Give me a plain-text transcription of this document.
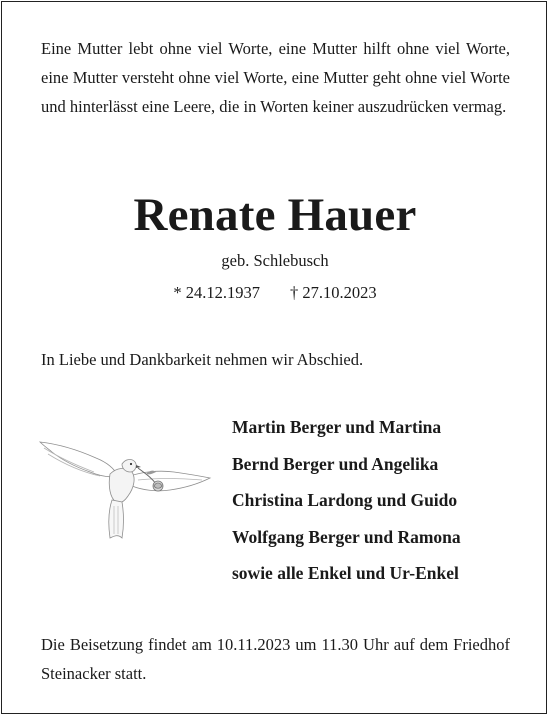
Eine Mutter lebt ohne viel Worte, eine Mutter hilft ohne viel Worte, eine Mutter versteht ohne viel Worte, eine Mutter geht ohne viel Worte und hinterlässt eine Leere, die in Worten keiner auszudrücken vermag.

Renate Hauer

geb. Schlebusch

* 24.12.1937 † 27.10.2023

In Liebe und Dankbarkeit nehmen wir Abschied.

Martin Berger und Martina
Bernd Berger und Angelika
Christina Lardong und Guido
Wolfgang Berger und Ramona
sowie alle Enkel und Ur-Enkel

Die Beisetzung findet am 10.11.2023 um 11.30 Uhr auf dem Friedhof Steinacker statt.
